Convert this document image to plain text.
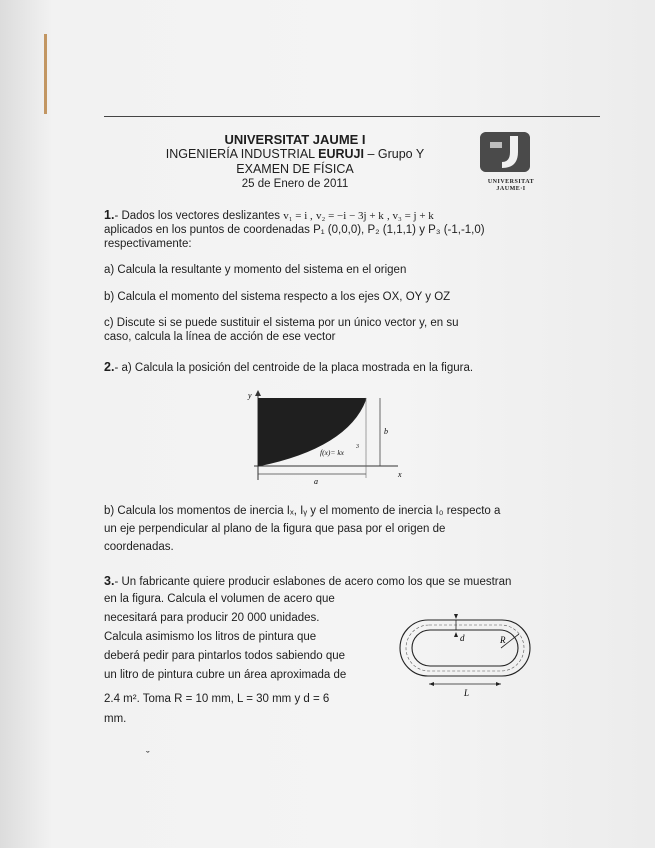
UNIVERSITAT JAUME I
INGENIERÍA INDUSTRIAL EURUJI – Grupo Y
EXAMEN DE FÍSICA
25 de Enero de 2011	UNIVERSITAT
JAUME·I
1.- Dados los vectores deslizantes v₁ = i , v₂ = −i − 3j + k , v₃ = j + k
aplicados en los puntos de coordenadas P₁ (0,0,0), P₂ (1,1,1) y P₃ (-1,-1,0)
respectivamente:
a) Calcula la resultante y momento del sistema en el origen
b) Calcula el momento del sistema respecto a los ejes OX, OY y OZ
c) Discute si se puede sustituir el sistema por un único vector y, en su
caso, calcula la línea de acción de ese vector
2.- a) Calcula la posición del centroide de la placa mostrada en la figura.
y
x
a
b
f(x)= kx
3
b) Calcula los momentos de inercia Iₓ, Iᵧ y el momento de inercia I₀ respecto a
un eje perpendicular al plano de la figura que pasa por el origen de
coordenadas.
3.- Un fabricante quiere producir eslabones de acero como los que se muestran
en la figura. Calcula el volumen de acero que
necesitará para producir 20 000 unidades.
Calcula asimismo los litros de pintura que
deberá pedir para pintarlos todos sabiendo que
un litro de pintura cubre un área aproximada de
2.4 m². Toma R = 10 mm, L = 30 mm y d = 6
mm.
d	R
L
ˇ
